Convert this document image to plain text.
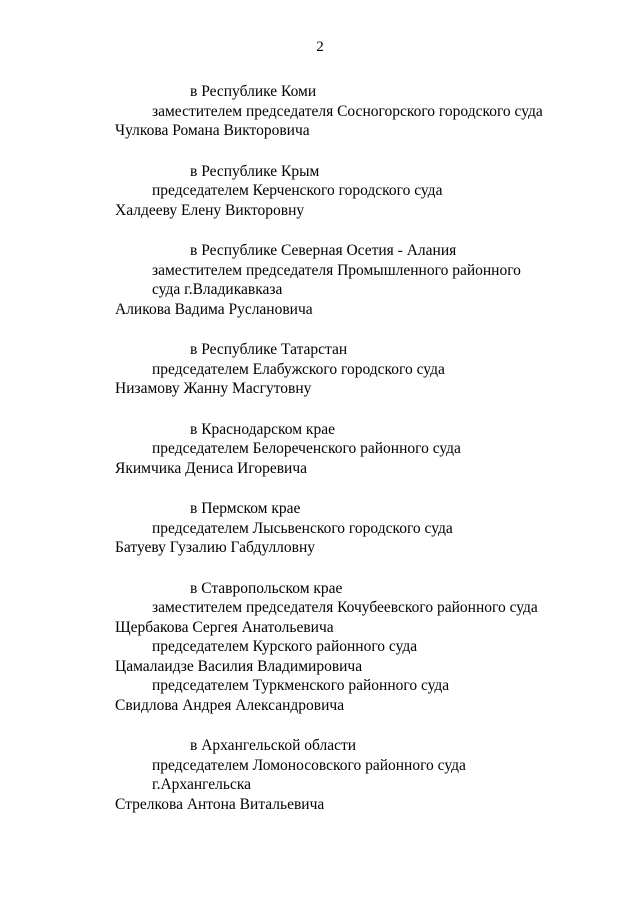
2
в Республике Коми
заместителем председателя Сосногорского городского суда
Чулкова Романа Викторовича
в Республике Крым
председателем Керченского городского суда
Халдееву Елену Викторовну
в Республике Северная Осетия - Алания
заместителем председателя Промышленного районного
суда г.Владикавказа
Аликова Вадима Руслановича
в Республике Татарстан
председателем Елабужского городского суда
Низамову Жанну Масгутовну
в Краснодарском крае
председателем Белореченского районного суда
Якимчика Дениса Игоревича
в Пермском крае
председателем Лысьвенского городского суда
Батуеву Гузалию Габдулловну
в Ставропольском крае
заместителем председателя Кочубеевского районного суда
Щербакова Сергея Анатольевича
председателем Курского районного суда
Цамалаидзе Василия Владимировича
председателем Туркменского районного суда
Свидлова Андрея Александровича
в Архангельской области
председателем Ломоносовского районного суда
г.Архангельска
Стрелкова Антона Витальевича
